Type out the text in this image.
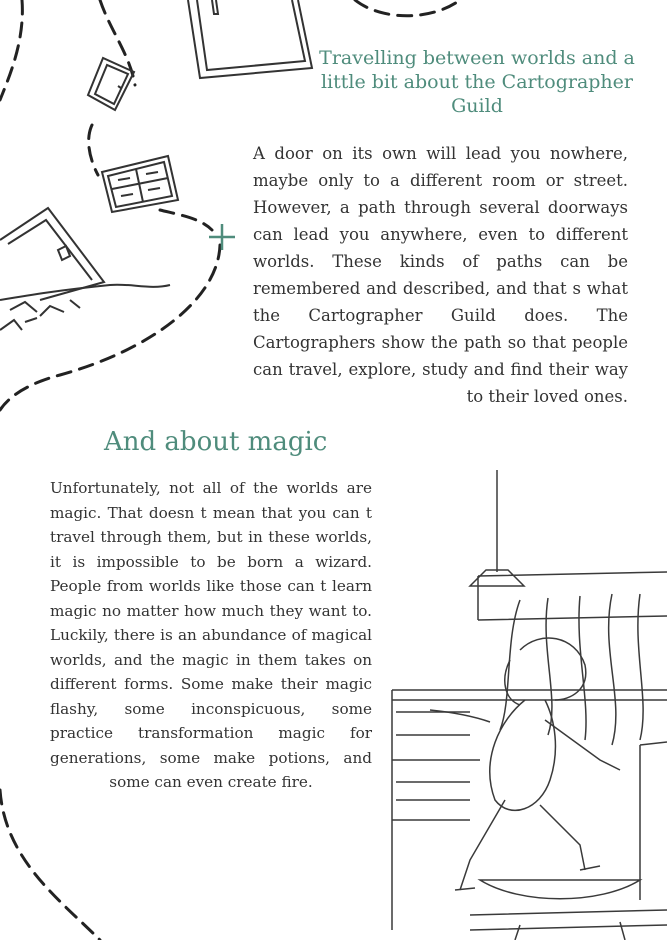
Travelling between worlds and a little bit about the Cartographer Guild

A door on its own will lead you nowhere, maybe only to a different room or street. However, a path through several doorways can lead you anywhere, even to different worlds. These kinds of paths can be remembered and described, and that s what the Cartographer Guild does. The Cartographers show the path so that people can travel, explore, study and find their way to their loved ones.

And about magic

Unfortunately, not all of the worlds are magic. That doesn t mean that you can t travel through them, but in these worlds, it is impossible to be born a wizard. People from worlds like those can t learn magic no matter how much they want to. Luckily, there is an abundance of magical worlds, and the magic in them takes on different forms. Some make their magic flashy, some inconspicuous, some practice transformation magic for generations, some make potions, and some can even create fire.
